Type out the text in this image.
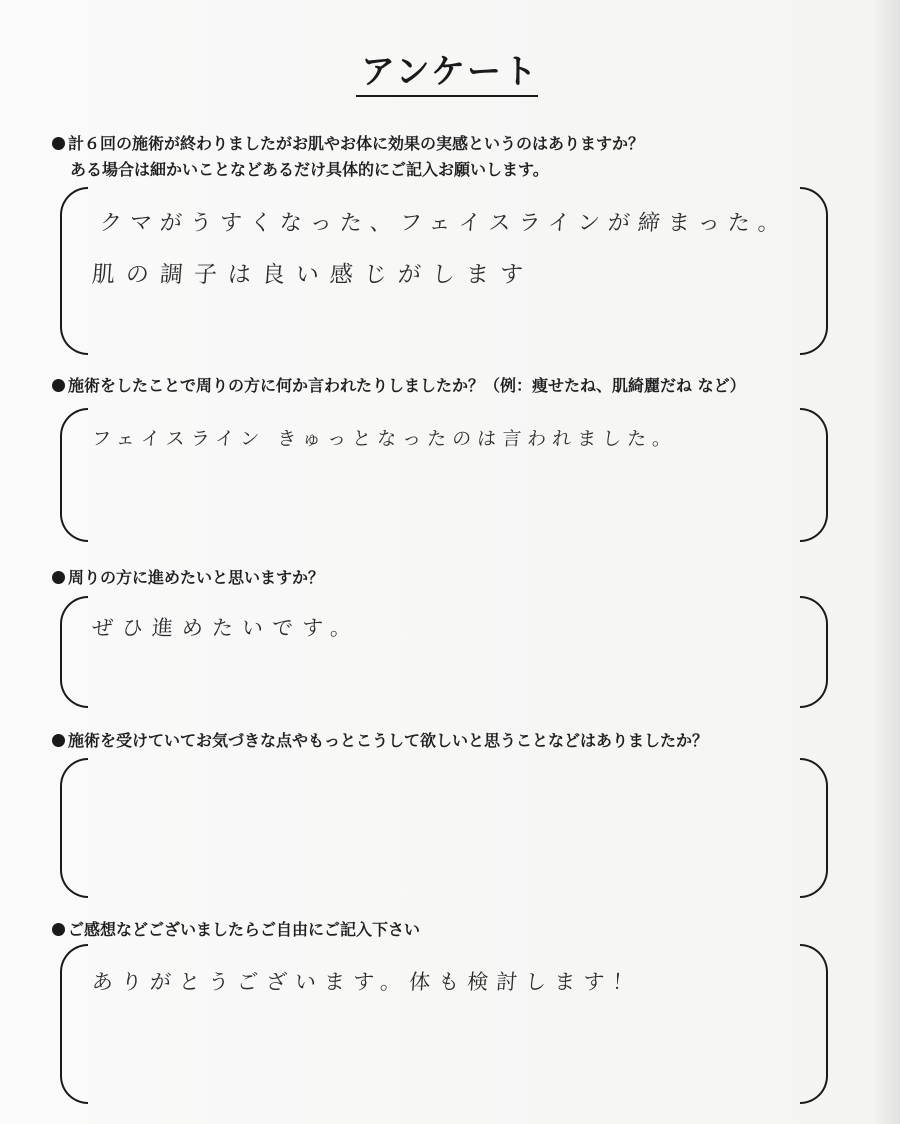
アンケート
計６回の施術が終わりましたがお肌やお体に効果の実感というのはありますか？
ある場合は細かいことなどあるだけ具体的にご記入お願いします。
クマがうすくなった、フェイスラインが締まった。
肌の調子は良い感じがします
施術をしたことで周りの方に何か言われたりしましたか？（例：痩せたね、肌綺麗だね など）
フェイスライン きゅっとなったのは言われました。
周りの方に進めたいと思いますか？
ぜひ進めたいです。
施術を受けていてお気づきな点やもっとこうして欲しいと思うことなどはありましたか？
ご感想などございましたらご自由にご記入下さい
ありがとうございます。体も検討します！
